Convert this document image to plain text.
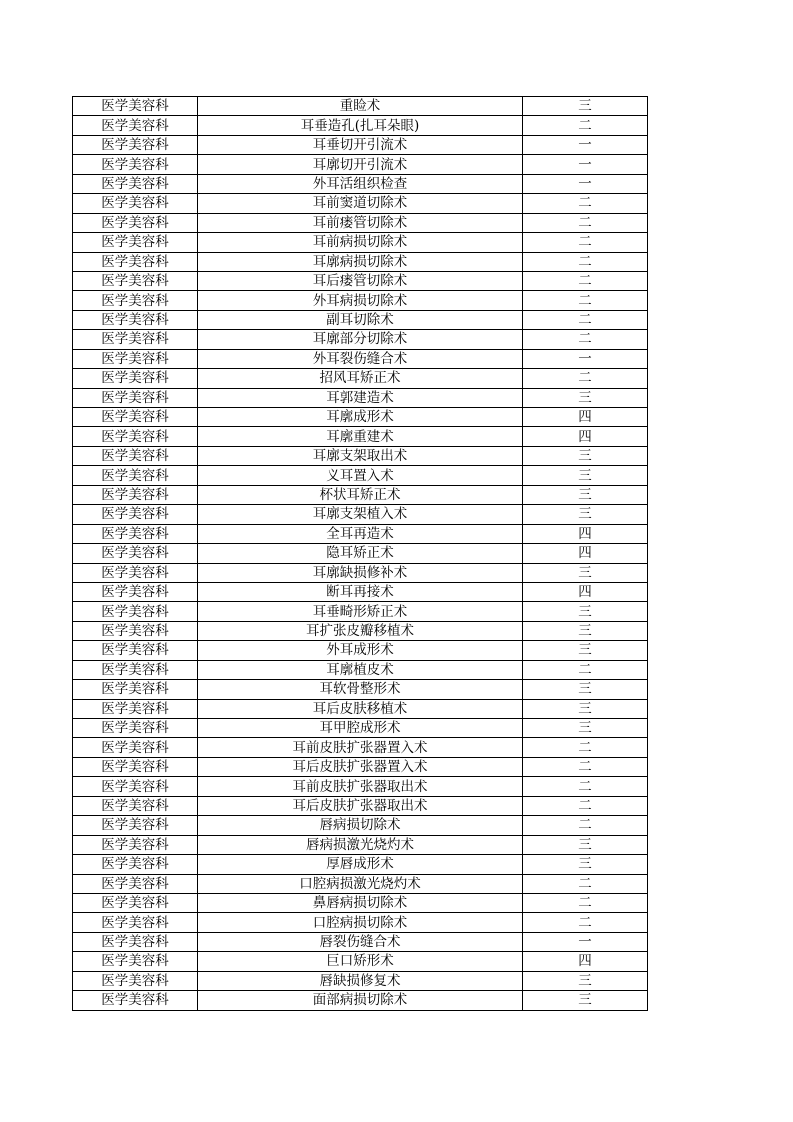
医学美容科	重睑术	三
医学美容科	耳垂造孔(扎耳朵眼)	二
医学美容科	耳垂切开引流术	一
医学美容科	耳廓切开引流术	一
医学美容科	外耳活组织检查	一
医学美容科	耳前窦道切除术	二
医学美容科	耳前瘘管切除术	二
医学美容科	耳前病损切除术	二
医学美容科	耳廓病损切除术	二
医学美容科	耳后瘘管切除术	二
医学美容科	外耳病损切除术	二
医学美容科	副耳切除术	二
医学美容科	耳廓部分切除术	二
医学美容科	外耳裂伤缝合术	一
医学美容科	招风耳矫正术	二
医学美容科	耳郭建造术	三
医学美容科	耳廓成形术	四
医学美容科	耳廓重建术	四
医学美容科	耳廓支架取出术	三
医学美容科	义耳置入术	三
医学美容科	杯状耳矫正术	三
医学美容科	耳廓支架植入术	三
医学美容科	全耳再造术	四
医学美容科	隐耳矫正术	四
医学美容科	耳廓缺损修补术	三
医学美容科	断耳再接术	四
医学美容科	耳垂畸形矫正术	三
医学美容科	耳扩张皮瓣移植术	三
医学美容科	外耳成形术	三
医学美容科	耳廓植皮术	二
医学美容科	耳软骨整形术	三
医学美容科	耳后皮肤移植术	三
医学美容科	耳甲腔成形术	三
医学美容科	耳前皮肤扩张器置入术	二
医学美容科	耳后皮肤扩张器置入术	二
医学美容科	耳前皮肤扩张器取出术	二
医学美容科	耳后皮肤扩张器取出术	二
医学美容科	唇病损切除术	二
医学美容科	唇病损激光烧灼术	三
医学美容科	厚唇成形术	三
医学美容科	口腔病损激光烧灼术	二
医学美容科	鼻唇病损切除术	二
医学美容科	口腔病损切除术	二
医学美容科	唇裂伤缝合术	一
医学美容科	巨口矫形术	四
医学美容科	唇缺损修复术	三
医学美容科	面部病损切除术	三
